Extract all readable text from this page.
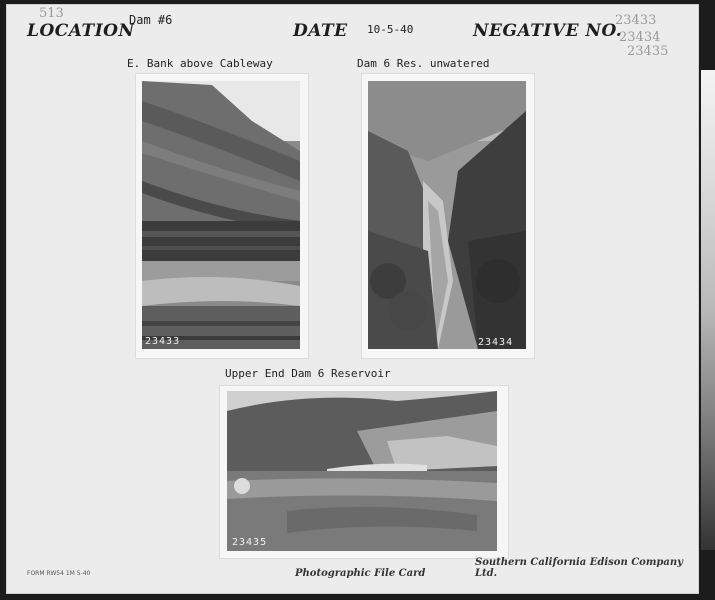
513
LOCATION
Dam #6
DATE 10-5-40	NEGATIVE NO.
23433
23434
23435
E. Bank above Cableway
23433
Dam 6 Res. unwatered
23434
Upper End Dam 6 Reservoir
23435
FORM RW54 1M 5-40	Photographic File Card
Southern California Edison Company Ltd.
